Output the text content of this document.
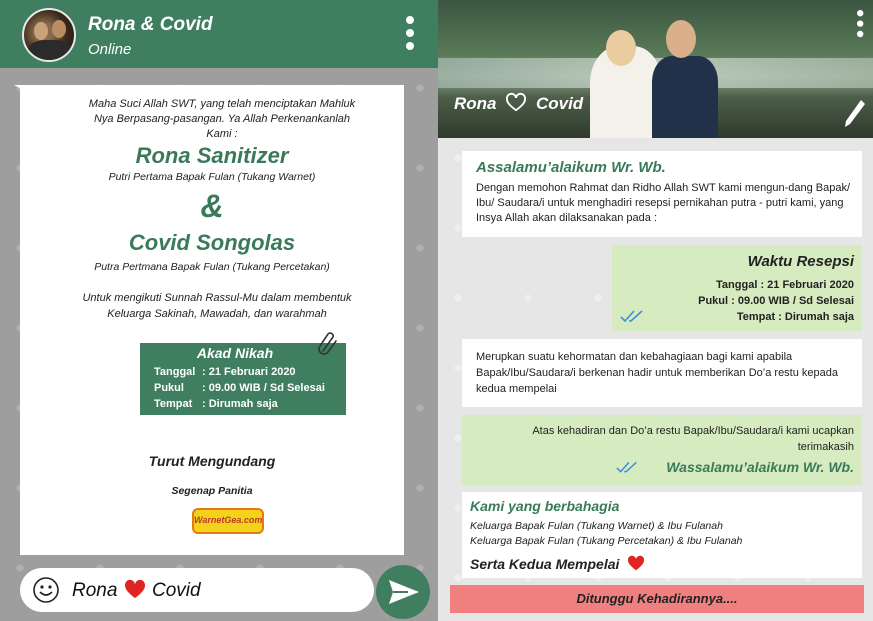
Rona & Covid
Online
Maha Suci Allah SWT, yang telah menciptakan Mahluk Nya Berpasang-pasangan. Ya Allah Perkenankanlah Kami :
Rona Sanitizer
Putri Pertama Bapak Fulan (Tukang Warnet)
&
Covid Songolas
Putra Pertmana Bapak Fulan (Tukang Percetakan)
Untuk mengikuti Sunnah Rassul-Mu dalam membentuk Keluarga Sakinah, Mawadah, dan warahmah
Akad Nikah
Tanggal : 21 Februari 2020
Pukul : 09.00 WIB / Sd Selesai
Tempat : Dirumah saja
Turut Mengundang
Segenap Panitia
WarnetGea.com
Rona Covid
Rona Covid
Assalamu’alaikum Wr. Wb.
Dengan memohon Rahmat dan Ridho Allah SWT kami mengun-dang Bapak/ Ibu/ Saudara/i untuk menghadiri resepsi pernikahan putra - putri kami, yang Insya Allah akan dilaksanakan pada :
Waktu Resepsi
Tanggal : 21 Februari 2020
Pukul : 09.00 WIB / Sd Selesai
Tempat : Dirumah saja
Merupkan suatu kehormatan dan kebahagiaan bagi kami apabila Bapak/Ibu/Saudara/i berkenan hadir untuk memberikan Do’a restu kepada kedua mempelai
Atas kehadiran dan Do’a restu Bapak/Ibu/Saudara/i kami ucapkan terimakasih
Wassalamu’alaikum Wr. Wb.
Kami yang berbahagia
Keluarga Bapak Fulan (Tukang Warnet) & Ibu Fulanah
Keluarga Bapak Fulan (Tukang Percetakan) & Ibu Fulanah
Serta Kedua Mempelai
Ditunggu Kehadirannya....
